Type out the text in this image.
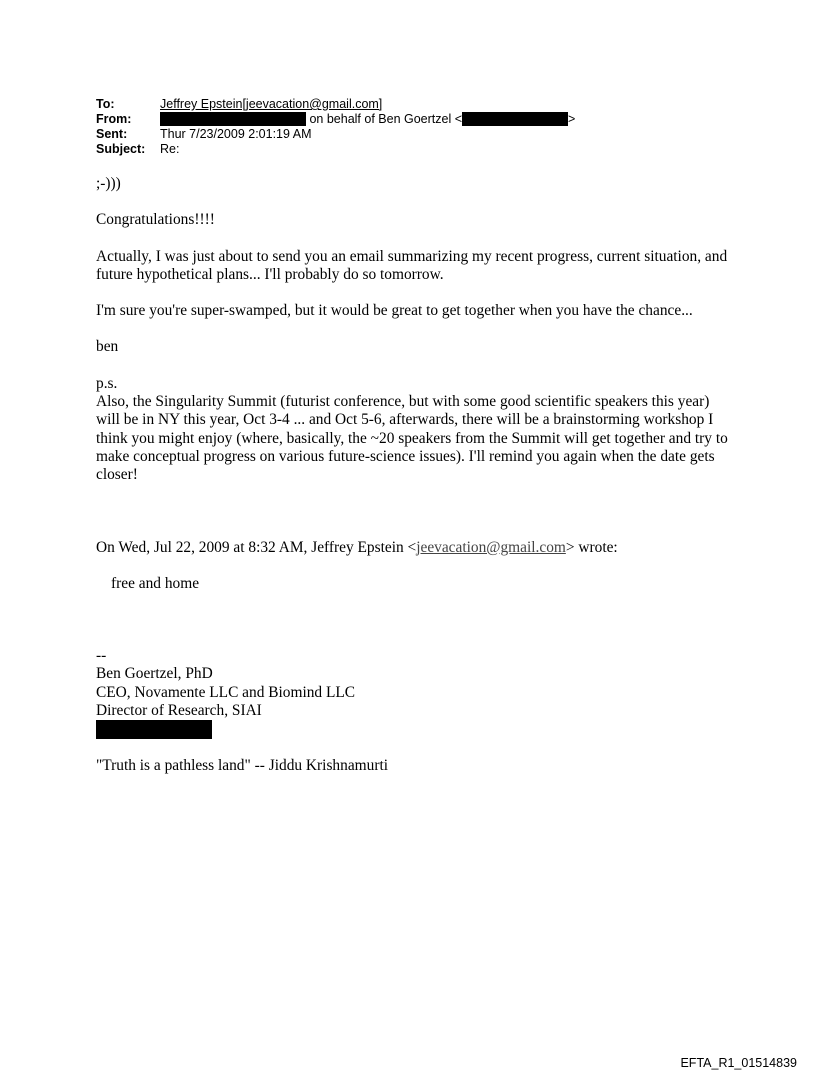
To:	Jeffrey Epstein[jeevacation@gmail.com]
From:	on behalf of Ben Goertzel <	>
Sent:	Thur 7/23/2009 2:01:19 AM
Subject:	Re:

;-)))

Congratulations!!!!

Actually, I was just about to send you an email summarizing my recent progress, current situation, and future hypothetical plans... I'll probably do so tomorrow.

I'm sure you're super-swamped, but it would be great to get together when you have the chance...

ben

p.s.

Also, the Singularity Summit (futurist conference, but with some good scientific speakers this year) will be in NY this year, Oct 3-4 ... and Oct 5-6, afterwards, there will be a brainstorming workshop I think you might enjoy (where, basically, the ~20 speakers from the Summit will get together and try to make conceptual progress on various future-science issues). I'll remind you again when the date gets closer!

On Wed, Jul 22, 2009 at 8:32 AM, Jeffrey Epstein <jeevacation@gmail.com> wrote:

free and home

--

Ben Goertzel, PhD

CEO, Novamente LLC and Biomind LLC

Director of Research, SIAI

"Truth is a pathless land" -- Jiddu Krishnamurti

EFTA_R1_01514839
